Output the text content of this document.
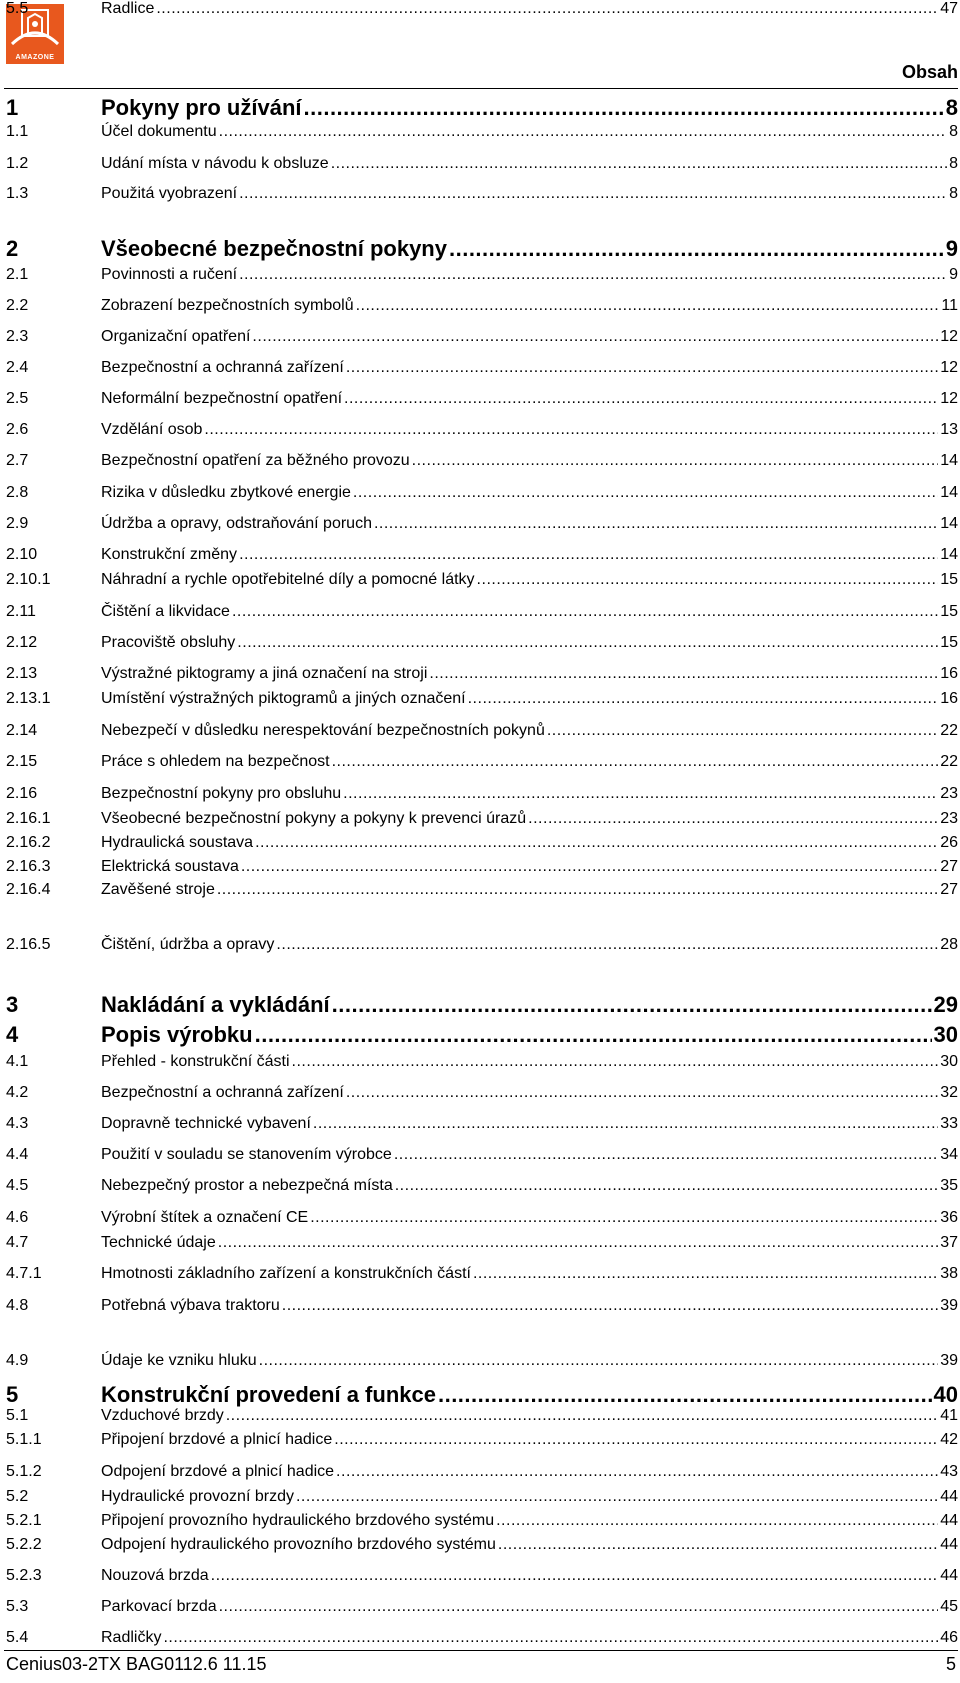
AMAZONE
Obsah
1	Pokyny pro užívání .....	8
1.1	Účel dokumentu .....	8
1.2	Udání místa v návodu k obsluze .....	8
1.3	Použitá vyobrazení .....	8
2	Všeobecné bezpečnostní pokyny .....	9
2.1	Povinnosti a ručení .....	9
2.2	Zobrazení bezpečnostních symbolů .....	11
2.3	Organizační opatření .....	12
2.4	Bezpečnostní a ochranná zařízení .....	12
2.5	Neformální bezpečnostní opatření .....	12
2.6	Vzdělání osob .....	13
2.7	Bezpečnostní opatření za běžného provozu .....	14
2.8	Rizika v důsledku zbytkové energie .....	14
2.9	Údržba a opravy, odstraňování poruch .....	14
2.10	Konstrukční změny .....	14
2.10.1	Náhradní a rychle opotřebitelné díly a pomocné látky .....	15
2.11	Čištění a likvidace .....	15
2.12	Pracoviště obsluhy .....	15
2.13	Výstražné piktogramy a jiná označení na stroji .....	16
2.13.1	Umístění výstražných piktogramů a jiných označení .....	16
2.14	Nebezpečí v důsledku nerespektování bezpečnostních pokynů .....	22
2.15	Práce s ohledem na bezpečnost .....	22
2.16	Bezpečnostní pokyny pro obsluhu .....	23
2.16.1	Všeobecné bezpečnostní pokyny a pokyny k prevenci úrazů .....	23
2.16.2	Hydraulická soustava .....	26
2.16.3	Elektrická soustava .....	27
2.16.4	Zavěšené stroje .....	27
2.16.5	Čištění, údržba a opravy .....	28
3	Nakládání a vykládání .....	29
4	Popis výrobku .....	30
4.1	Přehled - konstrukční části .....	30
4.2	Bezpečnostní a ochranná zařízení .....	32
4.3	Dopravně technické vybavení .....	33
4.4	Použití v souladu se stanovením výrobce .....	34
4.5	Nebezpečný prostor a nebezpečná místa .....	35
4.6	Výrobní štítek a označení CE .....	36
4.7	Technické údaje .....	37
4.7.1	Hmotnosti základního zařízení a konstrukčních částí .....	38
4.8	Potřebná výbava traktoru .....	39
4.9	Údaje ke vzniku hluku .....	39
5	Konstrukční provedení a funkce .....	40
5.1	Vzduchové brzdy .....	41
5.1.1	Připojení brzdové a plnicí hadice .....	42
5.1.2	Odpojení brzdové a plnicí hadice .....	43
5.2	Hydraulické provozní brzdy .....	44
5.2.1	Připojení provozního hydraulického brzdového systému .....	44
5.2.2	Odpojení hydraulického provozního brzdového systému .....	44
5.2.3	Nouzová brzda .....	44
5.3	Parkovací brzda .....	45
5.4	Radličky .....	46
5.5	Radlice .....	47
Cenius03-2TX BAG0112.6 11.15	5
